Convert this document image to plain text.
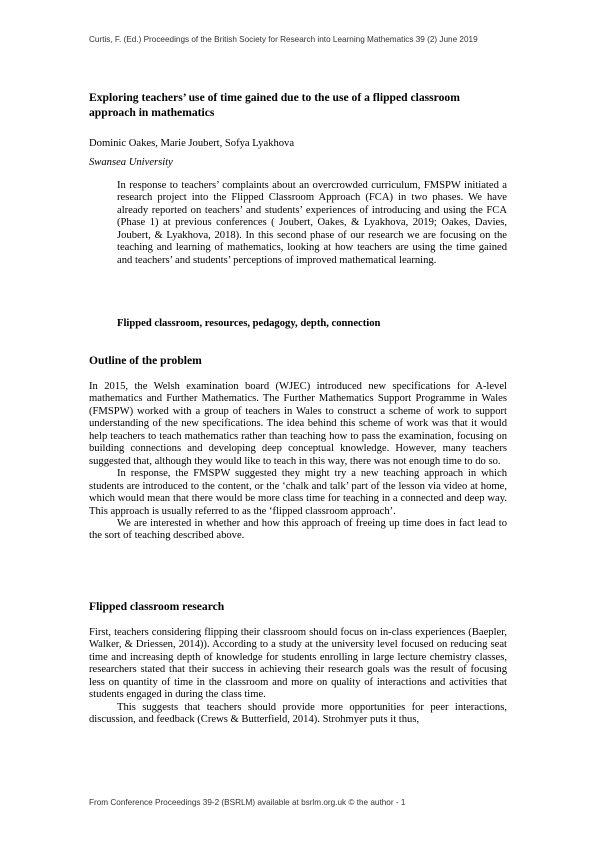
Curtis, F. (Ed.) Proceedings of the British Society for Research into Learning Mathematics 39 (2) June 2019
Exploring teachers’ use of time gained due to the use of a flipped classroom approach in mathematics
Dominic Oakes, Marie Joubert, Sofya Lyakhova
Swansea University

In response to teachers’ complaints about an overcrowded curriculum, FMSPW initiated a research project into the Flipped Classroom Approach (FCA) in two phases. We have already reported on teachers’ and students’ experiences of introducing and using the FCA (Phase 1) at previous conferences ( Joubert, Oakes, & Lyakhova, 2019; Oakes, Davies, Joubert, & Lyakhova, 2018). In this second phase of our research we are focusing on the teaching and learning of mathematics, looking at how teachers are using the time gained and teachers’ and students’ perceptions of improved mathematical learning.

Flipped classroom, resources, pedagogy, depth, connection
Outline of the problem

In 2015, the Welsh examination board (WJEC) introduced new specifications for A-level mathematics and Further Mathematics. The Further Mathematics Support Programme in Wales (FMSPW) worked with a group of teachers in Wales to construct a scheme of work to support understanding of the new specifications. The idea behind this scheme of work was that it would help teachers to teach mathematics rather than teaching how to pass the examination, focusing on building connections and developing deep conceptual knowledge. However, many teachers suggested that, although they would like to teach in this way, there was not enough time to do so.

In response, the FMSPW suggested they might try a new teaching approach in which students are introduced to the content, or the ‘chalk and talk’ part of the lesson via video at home, which would mean that there would be more class time for teaching in a connected and deep way. This approach is usually referred to as the ‘flipped classroom approach’.

We are interested in whether and how this approach of freeing up time does in fact lead to the sort of teaching described above.

Flipped classroom research

First, teachers considering flipping their classroom should focus on in-class experiences (Baepler, Walker, & Driessen, 2014)). According to a study at the university level focused on reducing seat time and increasing depth of knowledge for students enrolling in large lecture chemistry classes, researchers stated that their success in achieving their research goals was the result of focusing less on quantity of time in the classroom and more on quality of interactions and activities that students engaged in during the class time.

This suggests that teachers should provide more opportunities for peer interactions, discussion, and feedback (Crews & Butterfield, 2014). Strohmyer puts it thus,

From Conference Proceedings 39-2 (BSRLM) available at bsrlm.org.uk © the author - 1
